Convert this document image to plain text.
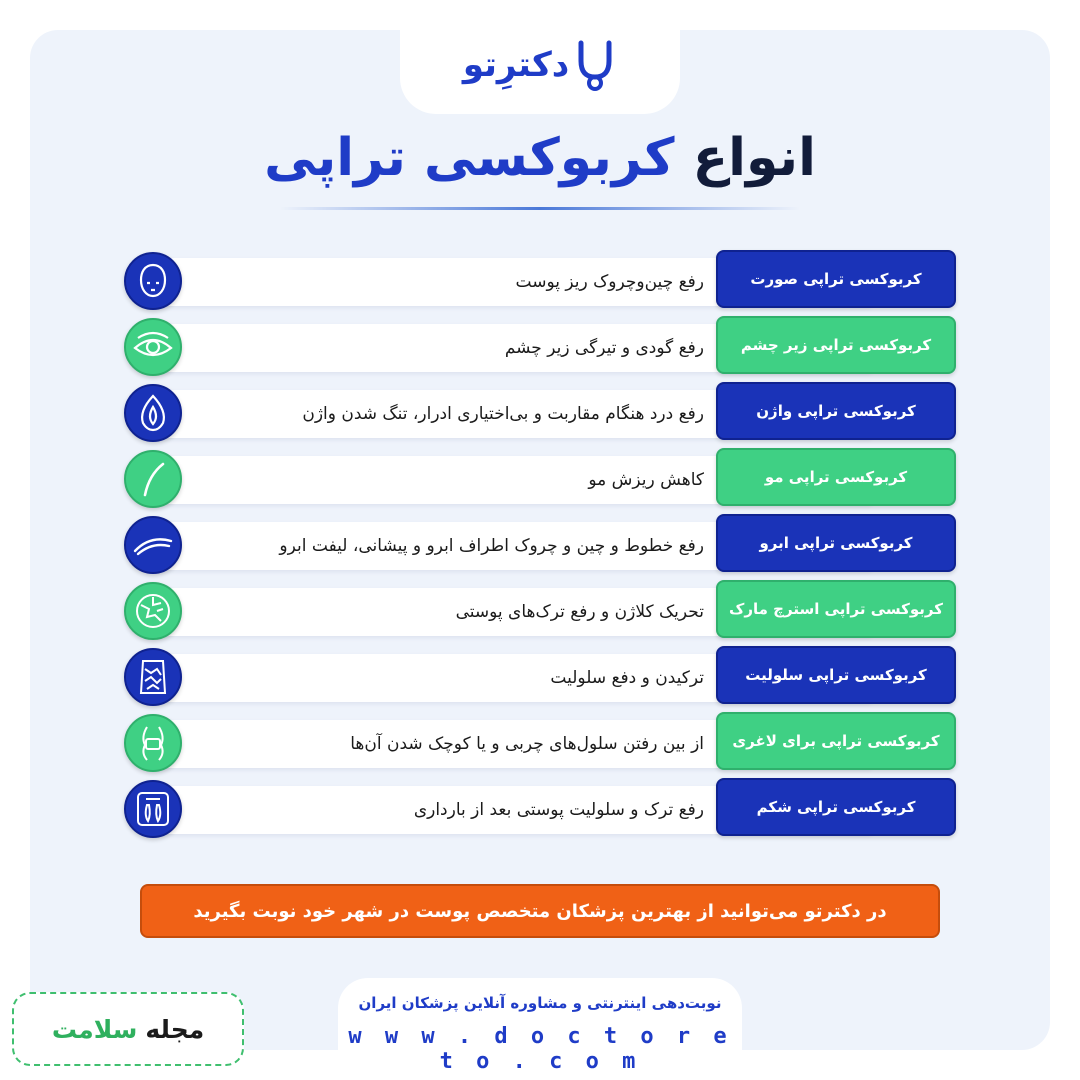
دکترِتو
انواع کربوکسی تراپی
رفع چین‌وچروک ریز پوست	کربوکسی تراپی صورت
رفع گودی و تیرگی زیر چشم	کربوکسی تراپی زیر چشم
رفع درد هنگام مقاربت و بی‌اختیاری ادرار، تنگ شدن واژن	کربوکسی تراپی واژن
کاهش ریزش مو	کربوکسی تراپی مو
رفع خطوط و چین و چروک اطراف ابرو و پیشانی، لیفت ابرو	کربوکسی تراپی ابرو
تحریک کلاژن و رفع ترک‌های پوستی	کربوکسی تراپی استرچ مارک
ترکیدن و دفع سلولیت	کربوکسی تراپی سلولیت
از بین رفتن سلول‌های چربی و یا کوچک شدن آن‌ها	کربوکسی تراپی برای لاغری
رفع ترک و سلولیت پوستی بعد از بارداری	کربوکسی تراپی شکم
در دکترتو می‌توانید از بهترین پزشکان متخصص پوست در شهر خود نوبت بگیرید
نوبت‌دهی اینترنتی و مشاوره آنلاین پزشکان ایران
w w w . d o c t o r e t o . c o m
مجله
سلامت
